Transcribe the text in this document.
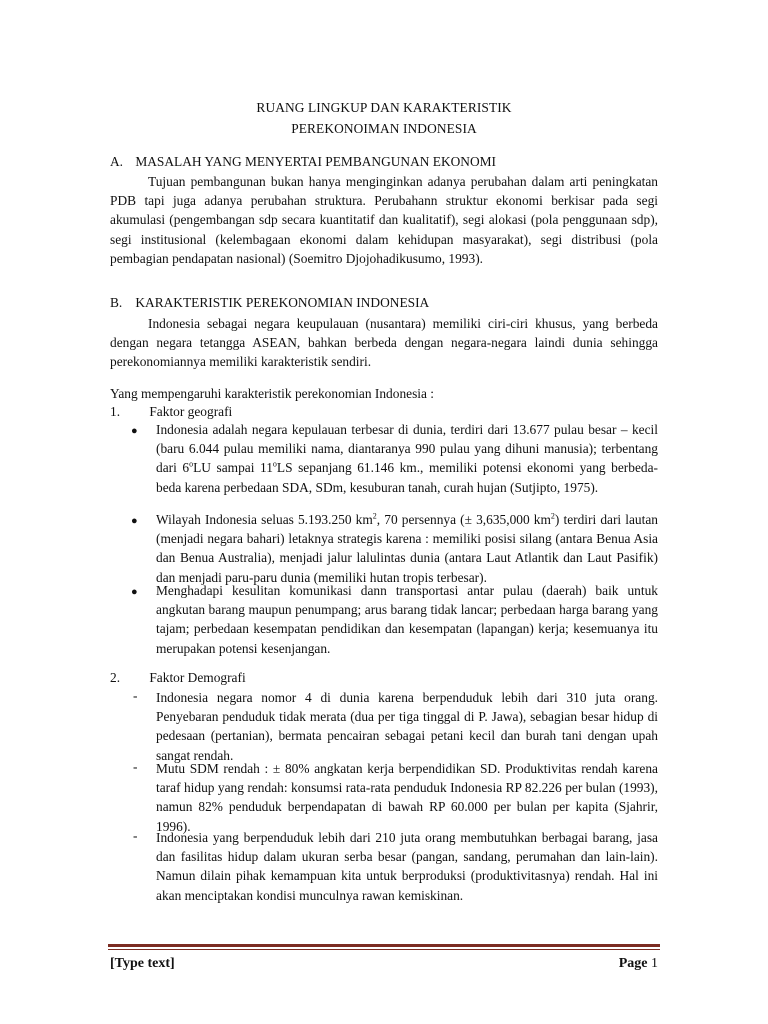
RUANG LINGKUP DAN KARAKTERISTIK
PEREKONOIMAN INDONESIA
A. MASALAH YANG MENYERTAI PEMBANGUNAN EKONOMI
Tujuan pembangunan bukan hanya menginginkan adanya perubahan dalam arti peningkatan PDB tapi juga adanya perubahan struktura. Perubahann struktur ekonomi berkisar pada segi akumulasi (pengembangan sdp secara kuantitatif dan kualitatif), segi alokasi (pola penggunaan sdp), segi institusional (kelembagaan ekonomi dalam kehidupan masyarakat), segi distribusi (pola pembagian pendapatan nasional) (Soemitro Djojohadikusumo, 1993).
B. KARAKTERISTIK PEREKONOMIAN INDONESIA
Indonesia sebagai negara keupulauan (nusantara) memiliki ciri-ciri khusus, yang berbeda dengan negara tetangga ASEAN, bahkan berbeda dengan negara-negara laindi dunia sehingga perekonomiannya memiliki karakteristik sendiri.
Yang mempengaruhi karakteristik perekonomian Indonesia :
1. Faktor geografi
● Indonesia adalah negara kepulauan terbesar di dunia, terdiri dari 13.677 pulau besar – kecil (baru 6.044 pulau memiliki nama, diantaranya 990 pulau yang dihuni manusia); terbentang dari 6$^o$LU sampai 11$^o$LS sepanjang 61.146 km., memiliki potensi ekonomi yang berbeda-beda karena perbedaan SDA, SDm, kesuburan tanah, curah hujan (Sutjipto, 1975).
● Wilayah Indonesia seluas 5.193.250 $km^2$, 70 persennya (± 3,635,000 $km^2$) terdiri dari lautan (menjadi negara bahari) letaknya strategis karena : memiliki posisi silang (antara Benua Asia dan Benua Australia), menjadi jalur lalulintas dunia (antara Laut Atlantik dan Laut Pasifik) dan menjadi paru-paru dunia (memiliki hutan tropis terbesar).
● Menghadapi kesulitan komunikasi dann transportasi antar pulau (daerah) baik untuk angkutan barang maupun penumpang; arus barang tidak lancar; perbedaan harga barang yang tajam; perbedaan kesempatan pendidikan dan kesempatan (lapangan) kerja; kesemuanya itu merupakan potensi kesenjangan.
2. Faktor Demografi
- Indonesia negara nomor 4 di dunia karena berpenduduk lebih dari 310 juta orang. Penyebaran penduduk tidak merata (dua per tiga tinggal di P. Jawa), sebagian besar hidup di pedesaan (pertanian), bermata pencairan sebagai petani kecil dan burah tani dengan upah sangat rendah.
- Mutu SDM rendah : ± 80% angkatan kerja berpendidikan SD. Produktivitas rendah karena taraf hidup yang rendah: konsumsi rata-rata penduduk Indonesia RP 82.226 per bulan (1993), namun 82% penduduk berpendapatan di bawah RP 60.000 per bulan per kapita (Sjahrir, 1996).
- Indonesia yang berpenduduk lebih dari 210 juta orang membutuhkan berbagai barang, jasa dan fasilitas hidup dalam ukuran serba besar (pangan, sandang, perumahan dan lain-lain). Namun dilain pihak kemampuan kita untuk berproduksi (produktivitasnya) rendah. Hal ini akan menciptakan kondisi munculnya rawan kemiskinan.
[Type text]	Page 1
